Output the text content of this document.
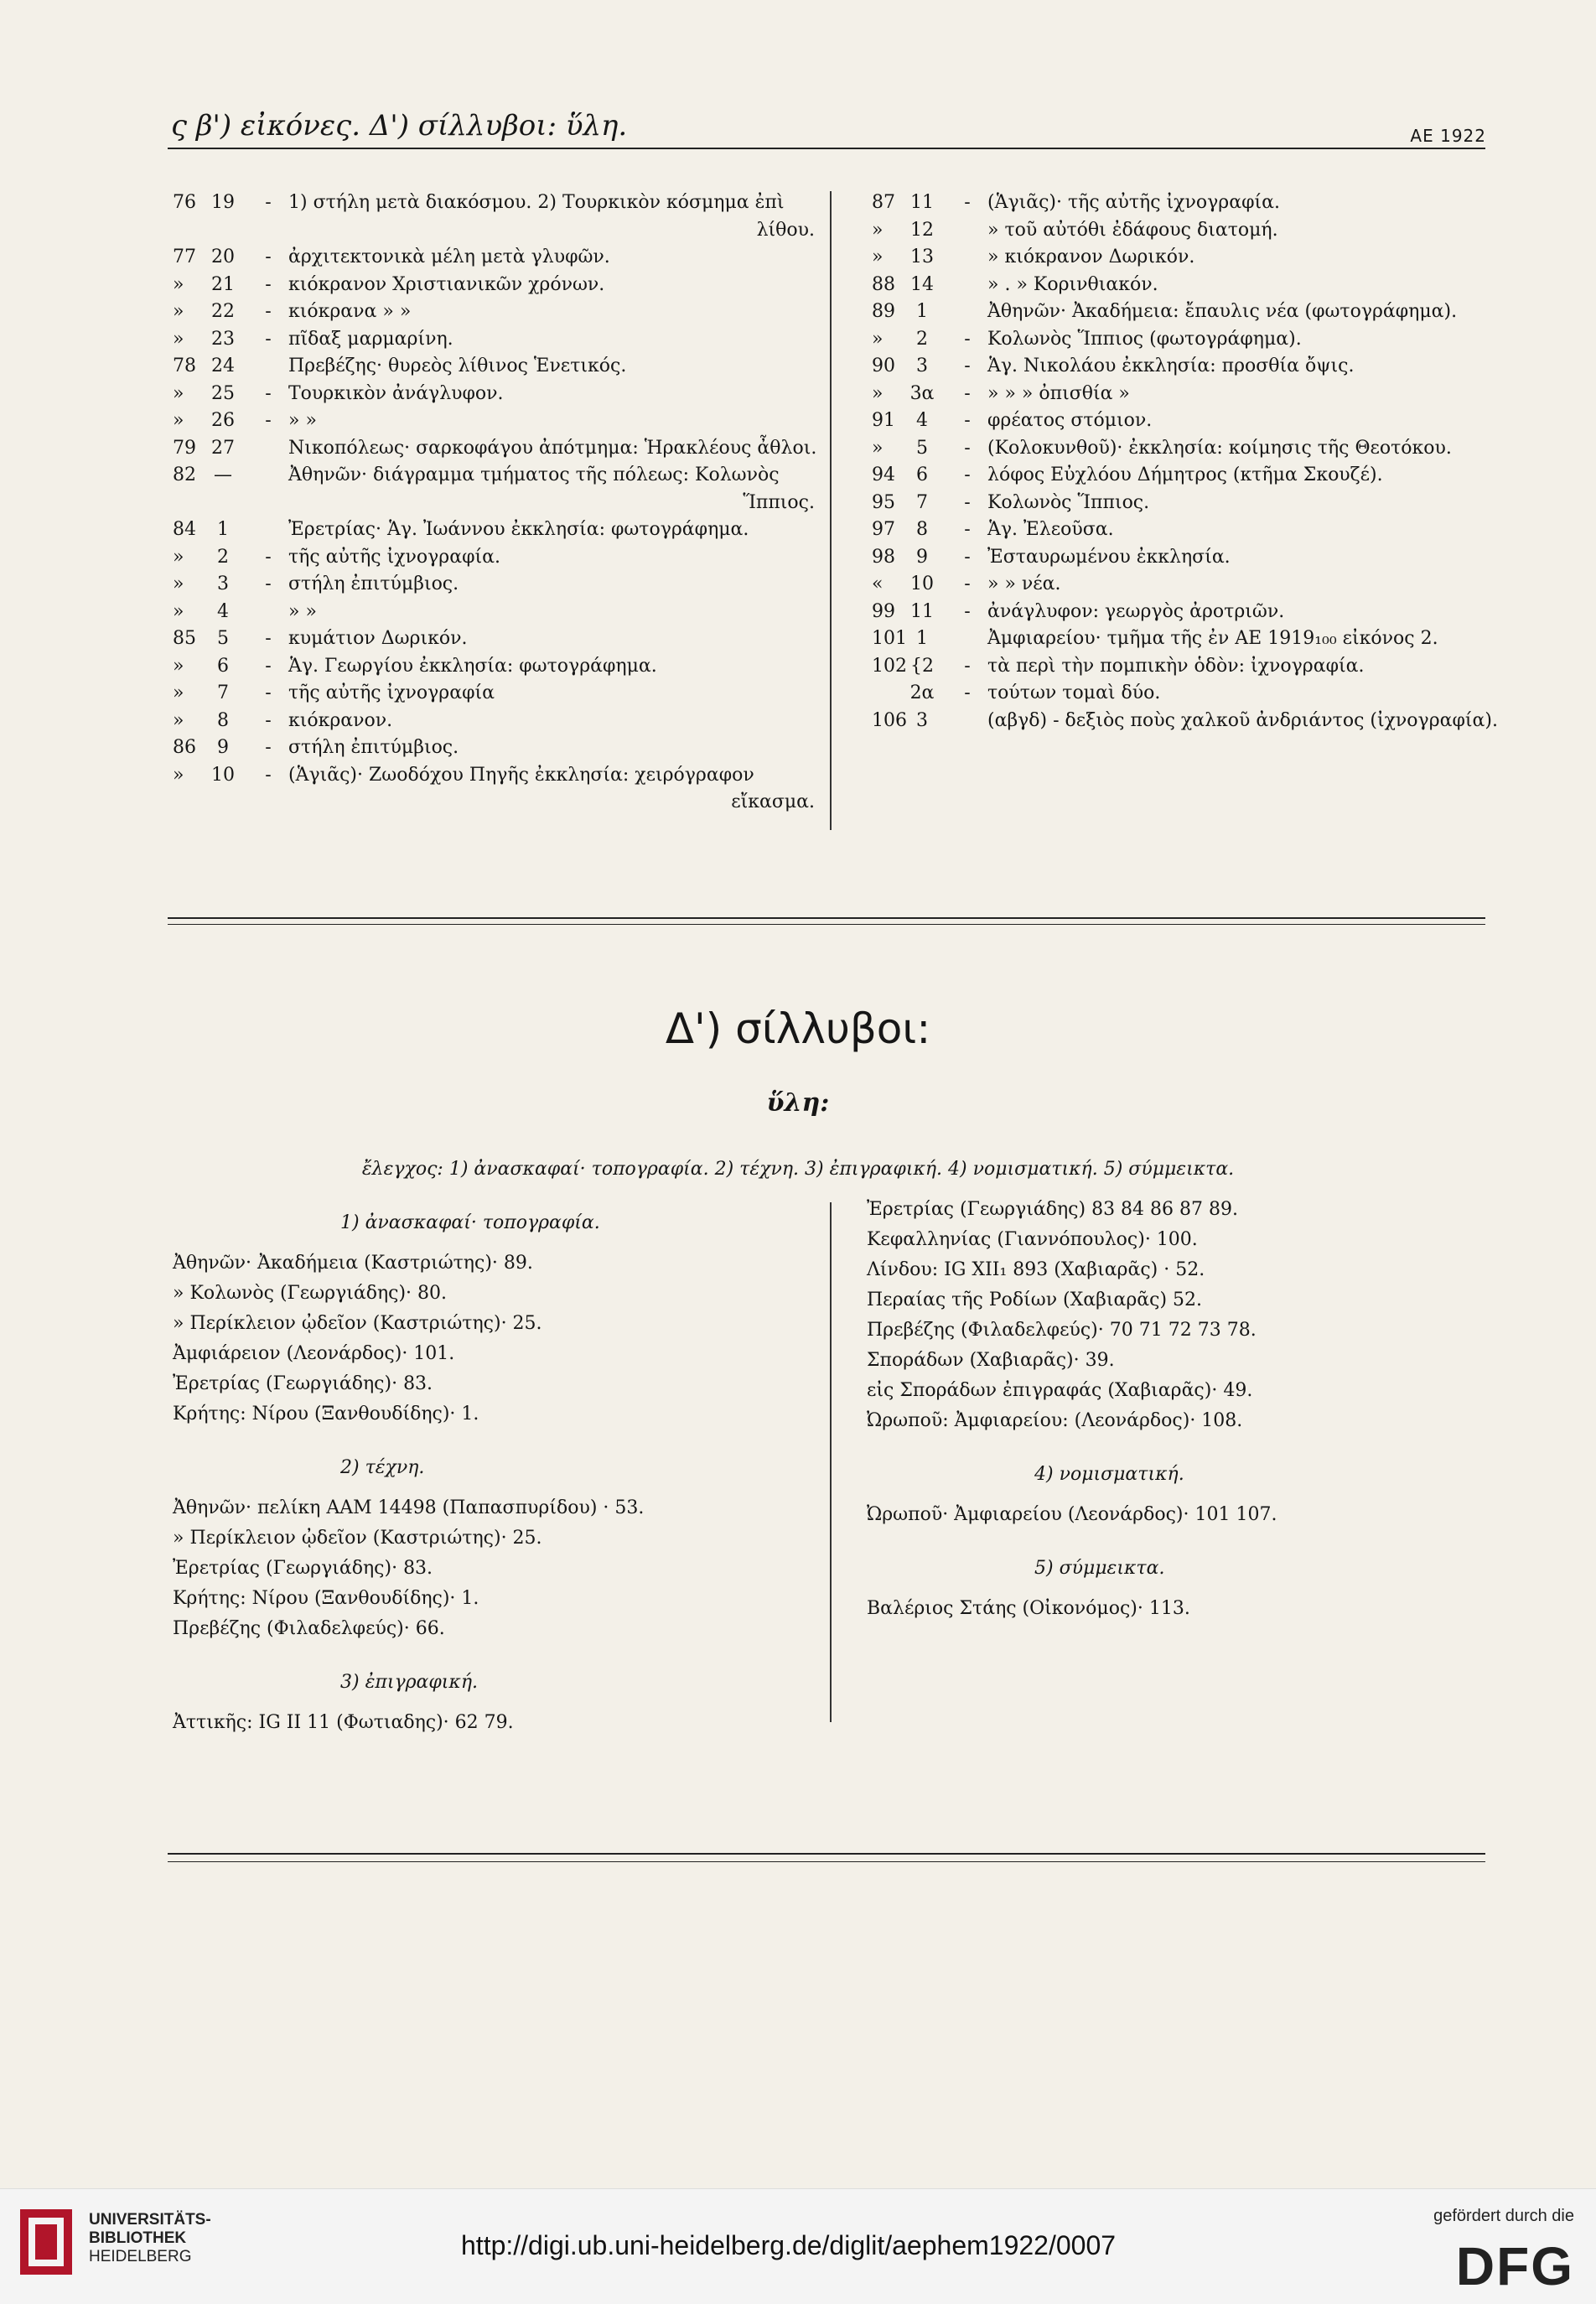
ς β') εἰκόνες. Δ') σίλλυβοι: ὕλη.	ΑΕ 1922
76 19	- 1) στήλη μετὰ διακόσμου. 2) Τουρκικὸν κόσμημα ἐπὶ
λίθου.
77 20	- ἀρχιτεκτονικὰ μέλη μετὰ γλυφῶν.
»	21	- κιόκρανον Χριστιανικῶν χρόνων.
»	22	- κιόκρανα » »
»	23	- πῖδαξ μαρμαρίνη.
78 24	Πρεβέζης· θυρεὸς λίθινος Ἑνετικός.
»	25	- Τουρκικὸν ἀνάγλυφον.
»	26	- » »
79 27	Νικοπόλεως· σαρκοφάγου ἀπότμημα: Ἡρακλέους ἆθλοι.
82 —	Ἀθηνῶν· διάγραμμα τμήματος τῆς πόλεως: Κολωνὸς
Ἵππιος.
84	1	Ἐρετρίας· Ἁγ. Ἰωάννου ἐκκλησία: φωτογράφημα.
»	2	- τῆς αὐτῆς ἰχνογραφία.
»	3	- στήλη ἐπιτύμβιος.
»	4	» »
85	5	- κυμάτιον Δωρικόν.
»	6	- Ἁγ. Γεωργίου ἐκκλησία: φωτογράφημα.
»	7	- τῆς αὐτῆς ἰχνογραφία
»	8	- κιόκρανον.
86	9	- στήλη ἐπιτύμβιος.
»	10	- (Ἁγιᾶς)· Ζωοδόχου Πηγῆς ἐκκλησία: χειρόγραφον
εἴκασμα.
87 11	- (Ἁγιᾶς)· τῆς αὐτῆς ἰχνογραφία.
»	12	» τοῦ αὐτόθι ἐδάφους διατομή.
»	13	» κιόκρανον Δωρικόν.
88 14	» . » Κορινθιακόν.
89	1	Ἀθηνῶν· Ἀκαδήμεια: ἔπαυλις νέα (φωτογράφημα).
»	2	- Κολωνὸς Ἵππιος (φωτογράφημα).
90	3	- Ἁγ. Νικολάου ἐκκλησία: προσθία ὄψις.
»	3α	- » » » ὀπισθία »
91	4	- φρέατος στόμιον.
»	5	- (Κολοκυνθοῦ)· ἐκκλησία: κοίμησις τῆς Θεοτόκου.
94	6	- λόφος Εὐχλόου Δήμητρος (κτῆμα Σκουζέ).
95	7	- Κολωνὸς Ἵππιος.
97	8	- Ἁγ. Ἐλεοῦσα.
98	9	- Ἐσταυρωμένου ἐκκλησία.
«	10	- » » νέα.
99 11	- ἀνάγλυφον: γεωργὸς ἀροτριῶν.
101 1	Ἀμφιαρείου· τμῆμα τῆς ἐν ΑΕ 1919₁₀₀ εἰκόνος 2.
102 {2	- τὰ περὶ τὴν πομπικὴν ὁδὸν: ἰχνογραφία.
2α	- τούτων τομαὶ δύο.
106 3	(αβγδ) - δεξιὸς ποὺς χαλκοῦ ἀνδριάντος (ἰχνογραφία).
Δ') σίλλυβοι:
ὕλη:
ἔλεγχος: 1) ἀνασκαφαί· τοπογραφία. 2) τέχνη. 3) ἐπιγραφική. 4) νομισματική. 5) σύμμεικτα.
1) ἀνασκαφαί· τοπογραφία.
Ἀθηνῶν· Ἀκαδήμεια (Καστριώτης)· 89.
» Κολωνὸς (Γεωργιάδης)· 80.
» Περίκλειον ᾠδεῖον (Καστριώτης)· 25.
Ἀμφιάρειον (Λεονάρδος)· 101.
Ἐρετρίας (Γεωργιάδης)· 83.
Κρήτης: Νίρου (Ξανθουδίδης)· 1.
2) τέχνη.
Ἀθηνῶν· πελίκη ΑΑΜ 14498 (Παπασπυρίδου) · 53.
» Περίκλειον ᾠδεῖον (Καστριώτης)· 25.
Ἐρετρίας (Γεωργιάδης)· 83.
Κρήτης: Νίρου (Ξανθουδίδης)· 1.
Πρεβέζης (Φιλαδελφεύς)· 66.
3) ἐπιγραφική.
Ἀττικῆς: IG II 11 (Φωτιαδης)· 62 79.
Ἐρετρίας (Γεωργιάδης) 83 84 86 87 89.
Κεφαλληνίας (Γιαννόπουλος)· 100.
Λίνδου: IG XII₁ 893 (Χαβιαρᾶς) · 52.
Περαίας τῆς Ροδίων (Χαβιαρᾶς) 52.
Πρεβέζης (Φιλαδελφεύς)· 70 71 72 73 78.
Σποράδων (Χαβιαρᾶς)· 39.
εἰς Σποράδων ἐπιγραφάς (Χαβιαρᾶς)· 49.
Ὠρωποῦ: Ἀμφιαρείου: (Λεονάρδος)· 108.
4) νομισματική.
Ὠρωποῦ· Ἀμφιαρείου (Λεονάρδος)· 101 107.
5) σύμμεικτα.
Βαλέριος Στάης (Οἰκονόμος)· 113.
UNIVERSITÄTS-
BIBLIOTHEK
HEIDELBERG	http://digi.ub.uni-heidelberg.de/diglit/aephem1922/0007
gefördert durch die
DFG
